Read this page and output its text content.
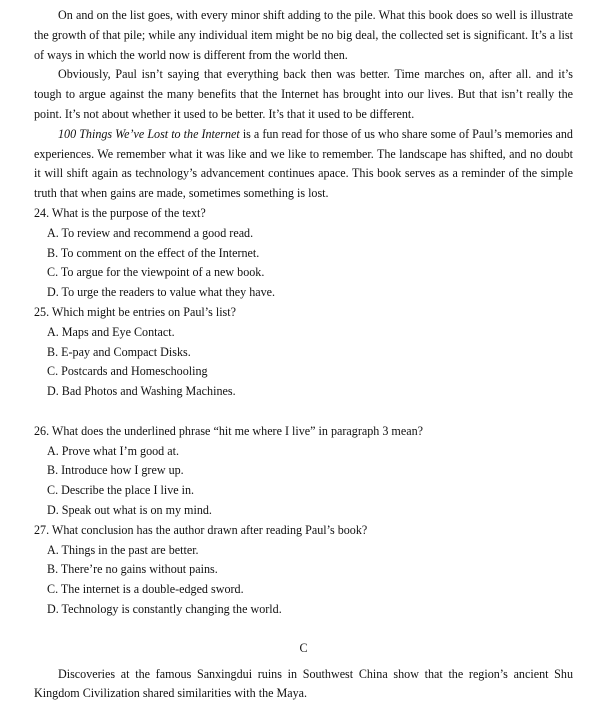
On and on the list goes, with every minor shift adding to the pile. What this book does so well is illustrate the growth of that pile; while any individual item might be no big deal, the collected set is significant. It’s a list of ways in which the world now is different from the world then.

Obviously, Paul isn’t saying that everything back then was better. Time marches on, after all. and it’s tough to argue against the many benefits that the Internet has brought into our lives. But that isn’t really the point. It’s not about whether it used to be better. It’s that it used to be different.

100 Things We’ve Lost to the Internet is a fun read for those of us who share some of Paul’s memories and experiences. We remember what it was like and we like to remember. The landscape has shifted, and no doubt it will shift again as technology’s advancement continues apace. This book serves as a reminder of the simple truth that when gains are made, sometimes something is lost.

24. What is the purpose of the text?

A. To review and recommend a good read.

B. To comment on the effect of the Internet.

C. To argue for the viewpoint of a new book.

D. To urge the readers to value what they have.

25. Which might be entries on Paul’s list?

A. Maps and Eye Contact.

B. E-pay and Compact Disks.

C. Postcards and Homeschooling

D. Bad Photos and Washing Machines.

26. What does the underlined phrase “hit me where I live” in paragraph 3 mean?

A. Prove what I’m good at.

B. Introduce how I grew up.

C. Describe the place I live in.

D. Speak out what is on my mind.

27. What conclusion has the author drawn after reading Paul’s book?

A. Things in the past are better.

B. There’re no gains without pains.

C. The internet is a double-edged sword.

D. Technology is constantly changing the world.

C

Discoveries at the famous Sanxingdui ruins in Southwest China show that the region’s ancient Shu Kingdom Civilization shared similarities with the Maya.
